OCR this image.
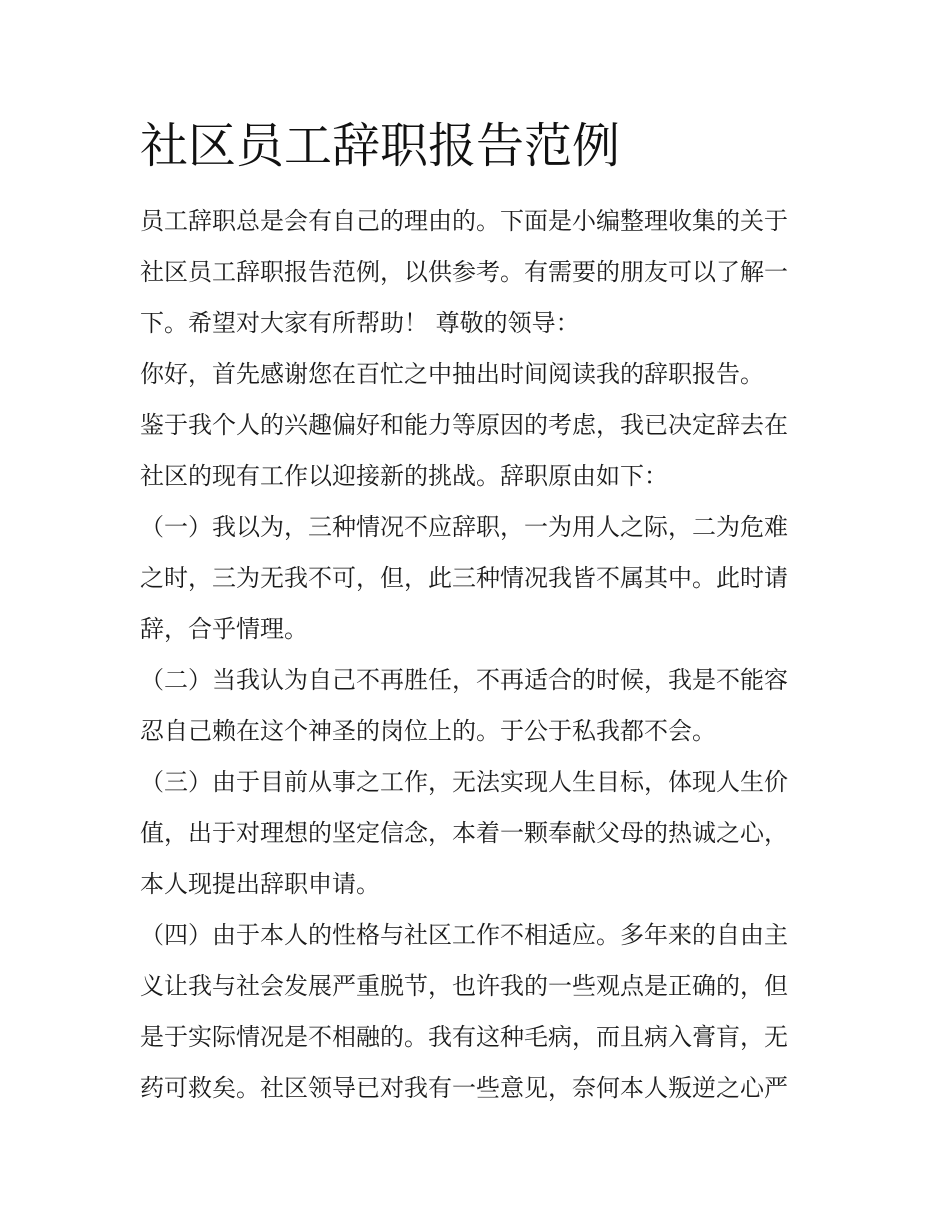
社区员工辞职报告范例

员工辞职总是会有自己的理由的。下面是小编整理收集的关于
社区员工辞职报告范例，以供参考。有需要的朋友可以了解一
下。希望对大家有所帮助！ 尊敬的领导：

你好，首先感谢您在百忙之中抽出时间阅读我的辞职报告。

鉴于我个人的兴趣偏好和能力等原因的考虑，我已决定辞去在
社区的现有工作以迎接新的挑战。辞职原由如下：

（一）我以为，三种情况不应辞职，一为用人之际，二为危难
之时，三为无我不可，但，此三种情况我皆不属其中。此时请
辞，合乎情理。

（二）当我认为自己不再胜任，不再适合的时候，我是不能容
忍自己赖在这个神圣的岗位上的。于公于私我都不会。

（三）由于目前从事之工作，无法实现人生目标，体现人生价
值，出于对理想的坚定信念，本着一颗奉献父母的热诚之心，
本人现提出辞职申请。

（四）由于本人的性格与社区工作不相适应。多年来的自由主
义让我与社会发展严重脱节，也许我的一些观点是正确的，但
是于实际情况是不相融的。我有这种毛病，而且病入膏肓，无
药可救矣。社区领导已对我有一些意见，奈何本人叛逆之心严
